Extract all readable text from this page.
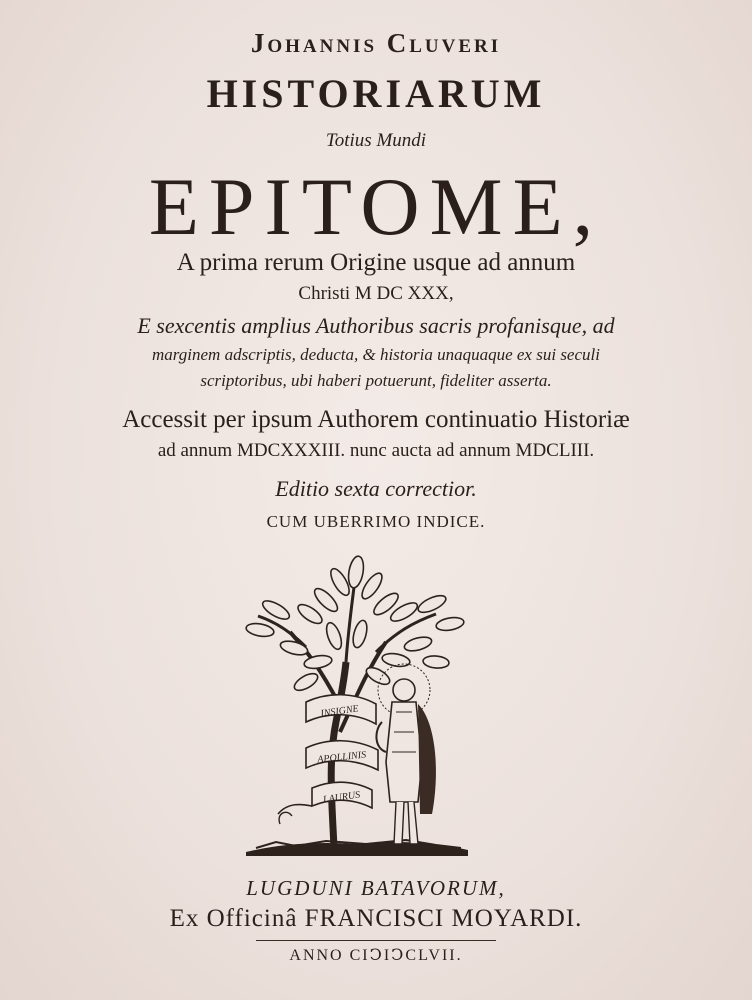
Johannis Cluveri
HISTORIARUM
Totius Mundi
EPITOME,
A prima rerum Origine usque ad annum
Christi M DC XXX,
E sexcentis amplius Authoribus sacris profanisque, ad
marginem adscriptis, deducta, & historia unaquaque ex sui seculi
scriptoribus, ubi haberi potuerunt, fideliter asserta.
Accessit per ipsum Authorem continuatio Historiæ
ad annum MDCXXXIII. nunc aucta ad annum MDCLIII.
Editio sexta correctior.
CUM UBERRIMO INDICE.
INSIGNE
APOLLINIS
LAURUS
LUGDUNI BATAVORUM,
Ex Officinâ FRANCISCI MOYARDI.
ANNO CIↃIↃCLVII.
